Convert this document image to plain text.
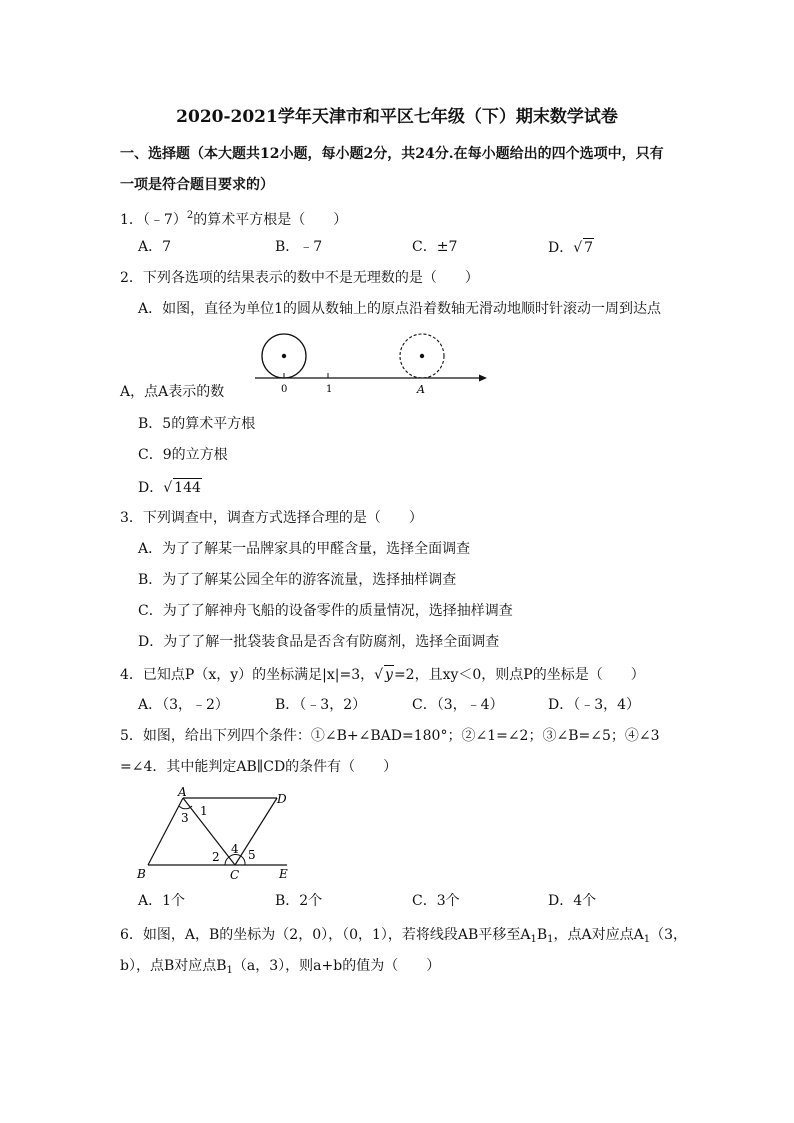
2020-2021学年天津市和平区七年级（下）期末数学试卷
一、选择题（本大题共12小题，每小题2分，共24分.在每小题给出的四个选项中，只有
一项是符合题目要求的）
1．（﹣7）$^2$的算术平方根是（　　）
A．7	B．﹣7	C．±7	D．√ 7
2．下列各选项的结果表示的数中不是无理数的是（　　）
A．如图，直径为单位1的圆从数轴上的原点沿着数轴无滑动地顺时针滚动一周到达点
0	1	A
A，点A表示的数
B．5的算术平方根
C．9的立方根
D．√ 144
3．下列调查中，调查方式选择合理的是（　　）
A．为了了解某一品牌家具的甲醛含量，选择全面调查
B．为了了解某公园全年的游客流量，选择抽样调查
C．为了了解神舟飞船的设备零件的质量情况，选择抽样调查
D．为了了解一批袋装食品是否含有防腐剂，选择全面调查
4．已知点P（x，y）的坐标满足|x|=3，√ y=2，且xy＜0，则点P的坐标是（　　）
A．（3，﹣2）	B．（﹣3，2）	C．（3，﹣4）	D．（﹣3，4）
5．如图，给出下列四个条件：①∠B+∠BAD=180°；②∠1=∠2；③∠B=∠5；④∠3
=∠4．其中能判定AB∥CD的条件有（　　）
A	D
1
3
4
2 5
B	C	E
A．1个	B．2个	C．3个	D．4个
6．如图，A，B的坐标为（2，0），（0，1），若将线段AB平移至$A_1B_1$，点A对应点$A_1(3$，
b），点B对应点$B_1(a$，3），则a+b的值为（　　）
